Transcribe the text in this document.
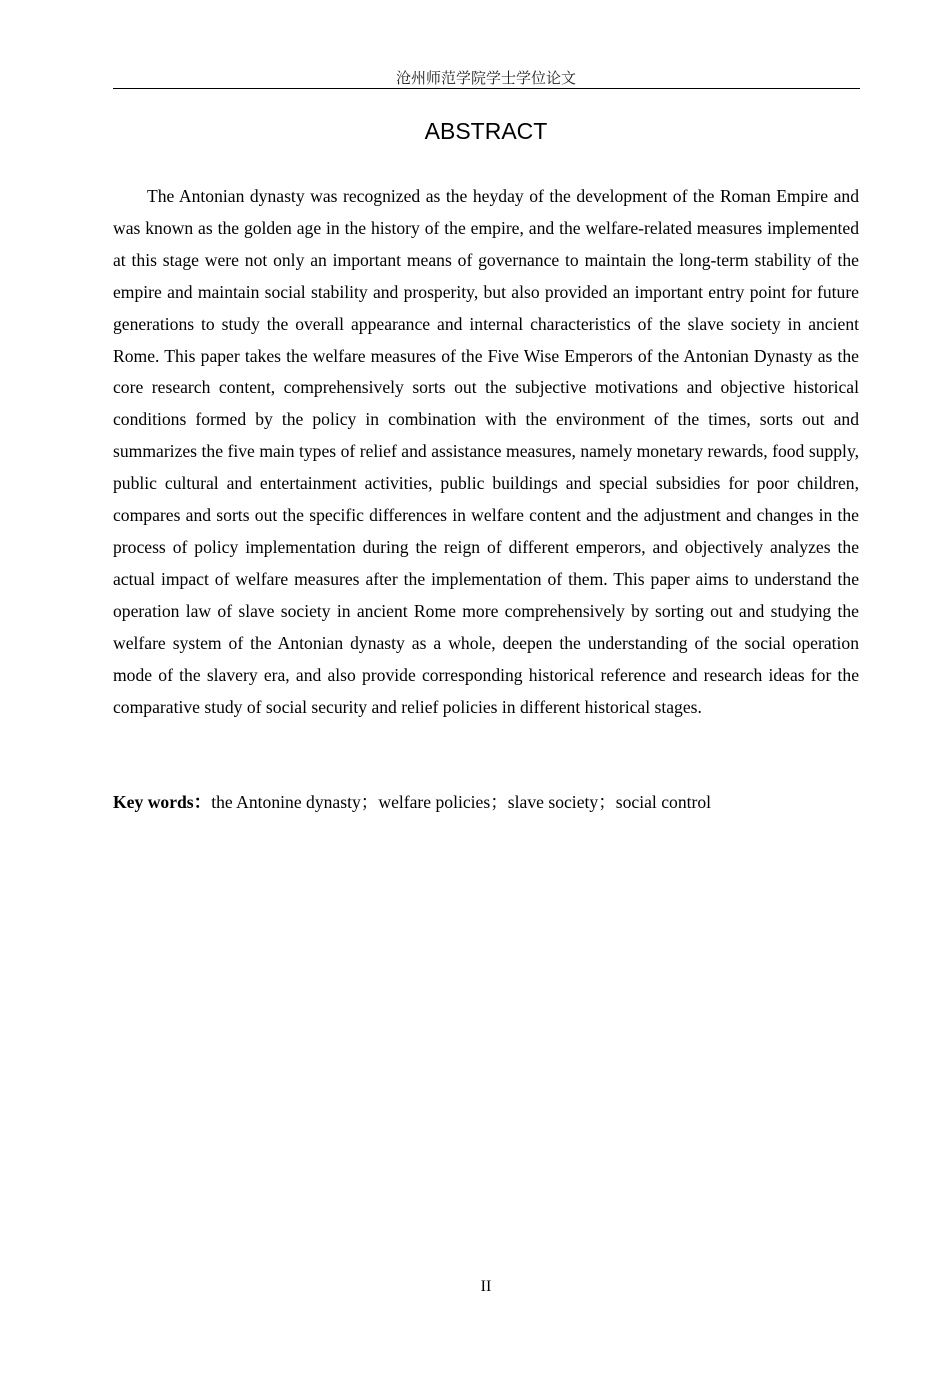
沧州师范学院学士学位论文
ABSTRACT

The Antonian dynasty was recognized as the heyday of the development of the Roman Empire and was known as the golden age in the history of the empire, and the welfare-related measures implemented at this stage were not only an important means of governance to maintain the long-term stability of the empire and maintain social stability and prosperity, but also provided an important entry point for future generations to study the overall appearance and internal characteristics of the slave society in ancient Rome. This paper takes the welfare measures of the Five Wise Emperors of the Antonian Dynasty as the core research content, comprehensively sorts out the subjective motivations and objective historical conditions formed by the policy in combination with the environment of the times, sorts out and summarizes the five main types of relief and assistance measures, namely monetary rewards, food supply, public cultural and entertainment activities, public buildings and special subsidies for poor children, compares and sorts out the specific differences in welfare content and the adjustment and changes in the process of policy implementation during the reign of different emperors, and objectively analyzes the actual impact of welfare measures after the implementation of them. This paper aims to understand the operation law of slave society in ancient Rome more comprehensively by sorting out and studying the welfare system of the Antonian dynasty as a whole, deepen the understanding of the social operation mode of the slavery era, and also provide corresponding historical reference and research ideas for the comparative study of social security and relief policies in different historical stages.

Key words：the Antonine dynasty；welfare policies；slave society；social control

II
